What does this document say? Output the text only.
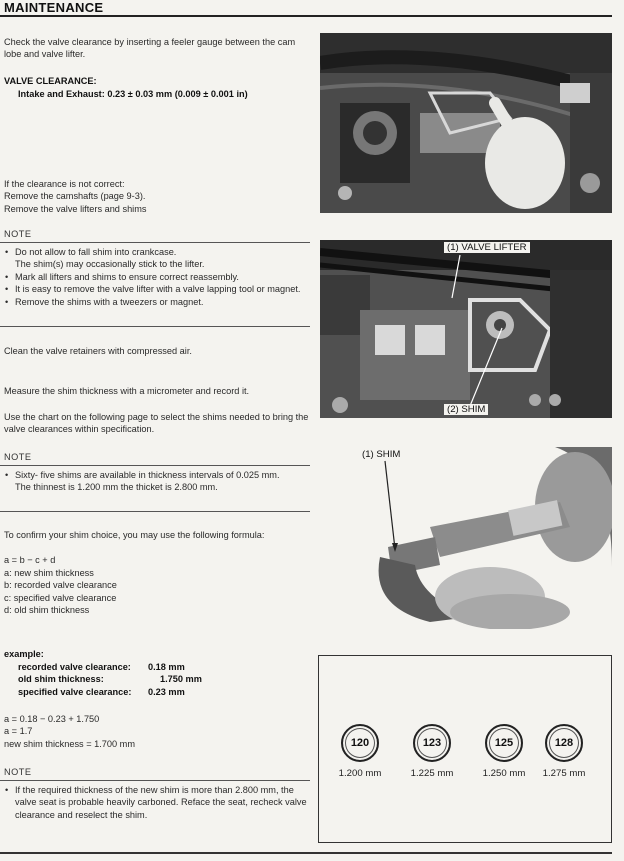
MAINTENANCE
Check the valve clearance by inserting a feeler gauge between the cam lobe and valve lifter.
VALVE CLEARANCE:
Intake and Exhaust: 0.23 ± 0.03 mm (0.009 ± 0.001 in)
If the clearance is not correct:
Remove the camshafts (page 9-3).
Remove the valve lifters and shims
NOTE
• Do not allow to fall shim into crankcase.
The shim(s) may occasionally stick to the lifter.
• Mark all lifters and shims to ensure correct reassembly.
• It is easy to remove the valve lifter with a valve lapping tool or magnet.
• Remove the shims with a tweezers or magnet.
Clean the valve retainers with compressed air.
Measure the shim thickness with a micrometer and record it.
Use the chart on the following page to select the shims needed to bring the valve clearances within specification.
NOTE
• Sixty- five shims are available in thickness intervals of 0.025 mm.
The thinnest is 1.200 mm the thicket is 2.800 mm.
To confirm your shim choice, you may use the following formula:
a = b − c + d
a: new shim thickness
b: recorded valve clearance
c: specified valve clearance
d: old shim thickness
example:
recorded valve clearance: 0.18 mm
old shim thickness:	1.750 mm
specified valve clearance: 0.23 mm
a = 0.18 − 0.23 + 1.750
a = 1.7
new shim thickness = 1.700 mm
NOTE
• If the required thickness of the new shim is more than 2.800 mm, the valve seat is probable heavily carboned. Reface the seat, recheck valve clearance and reselect the shim.
(1) VALVE LIFTER
(2) SHIM
(1) SHIM
120
1.200 mm
123
1.225 mm
125
1.250 mm
128
1.275 mm
